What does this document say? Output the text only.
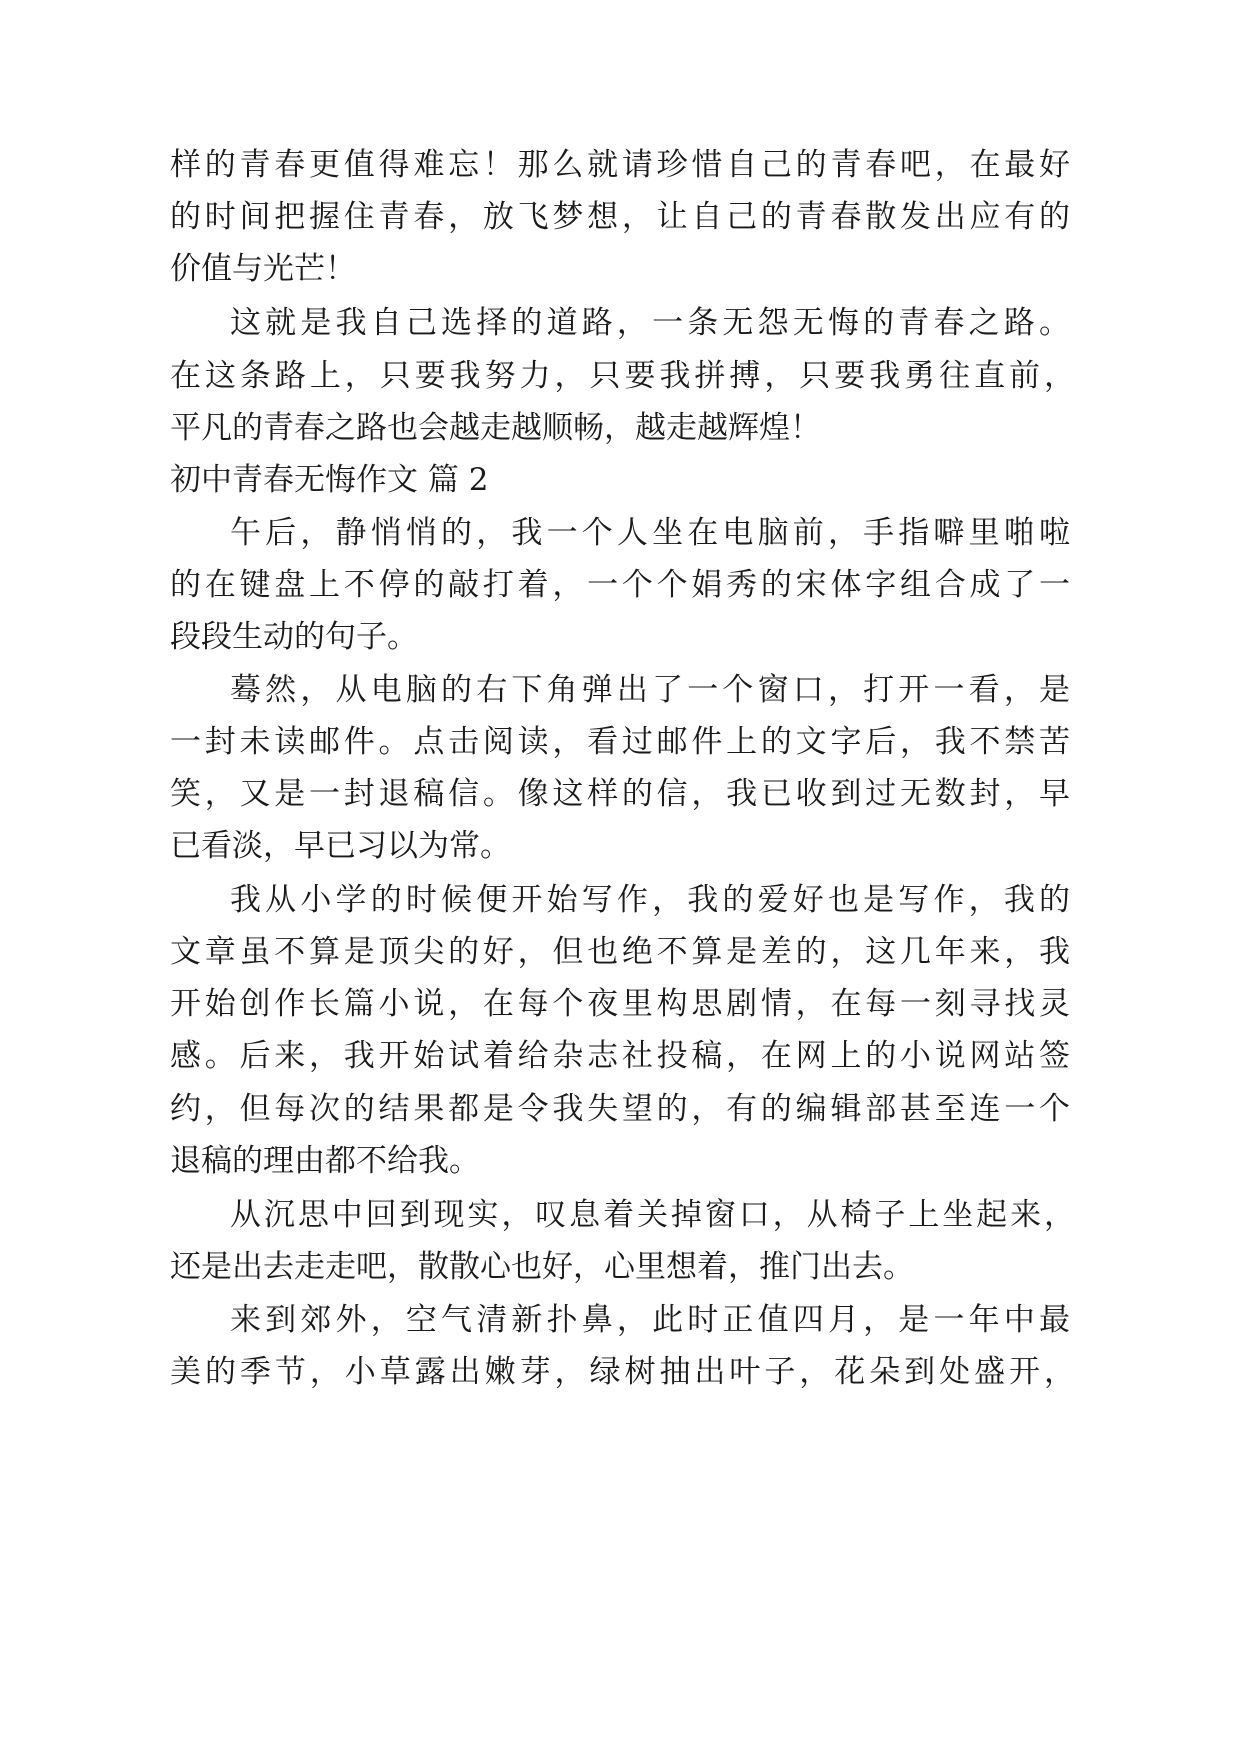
样的青春更值得难忘！那么就请珍惜自己的青春吧，在最好
的时间把握住青春，放飞梦想，让自己的青春散发出应有的
价值与光芒！
这就是我自己选择的道路，一条无怨无悔的青春之路。
在这条路上，只要我努力，只要我拼搏，只要我勇往直前，
平凡的青春之路也会越走越顺畅，越走越辉煌！
初中青春无悔作文 篇 2
午后，静悄悄的，我一个人坐在电脑前，手指噼里啪啦
的在键盘上不停的敲打着，一个个娟秀的宋体字组合成了一
段段生动的句子。
蓦然，从电脑的右下角弹出了一个窗口，打开一看，是
一封未读邮件。点击阅读，看过邮件上的文字后，我不禁苦
笑，又是一封退稿信。像这样的信，我已收到过无数封，早
已看淡，早已习以为常。
我从小学的时候便开始写作，我的爱好也是写作，我的
文章虽不算是顶尖的好，但也绝不算是差的，这几年来，我
开始创作长篇小说，在每个夜里构思剧情，在每一刻寻找灵
感。后来，我开始试着给杂志社投稿，在网上的小说网站签
约，但每次的结果都是令我失望的，有的编辑部甚至连一个
退稿的理由都不给我。
从沉思中回到现实，叹息着关掉窗口，从椅子上坐起来，
还是出去走走吧，散散心也好，心里想着，推门出去。
来到郊外，空气清新扑鼻，此时正值四月，是一年中最
美的季节，小草露出嫩芽，绿树抽出叶子，花朵到处盛开，
